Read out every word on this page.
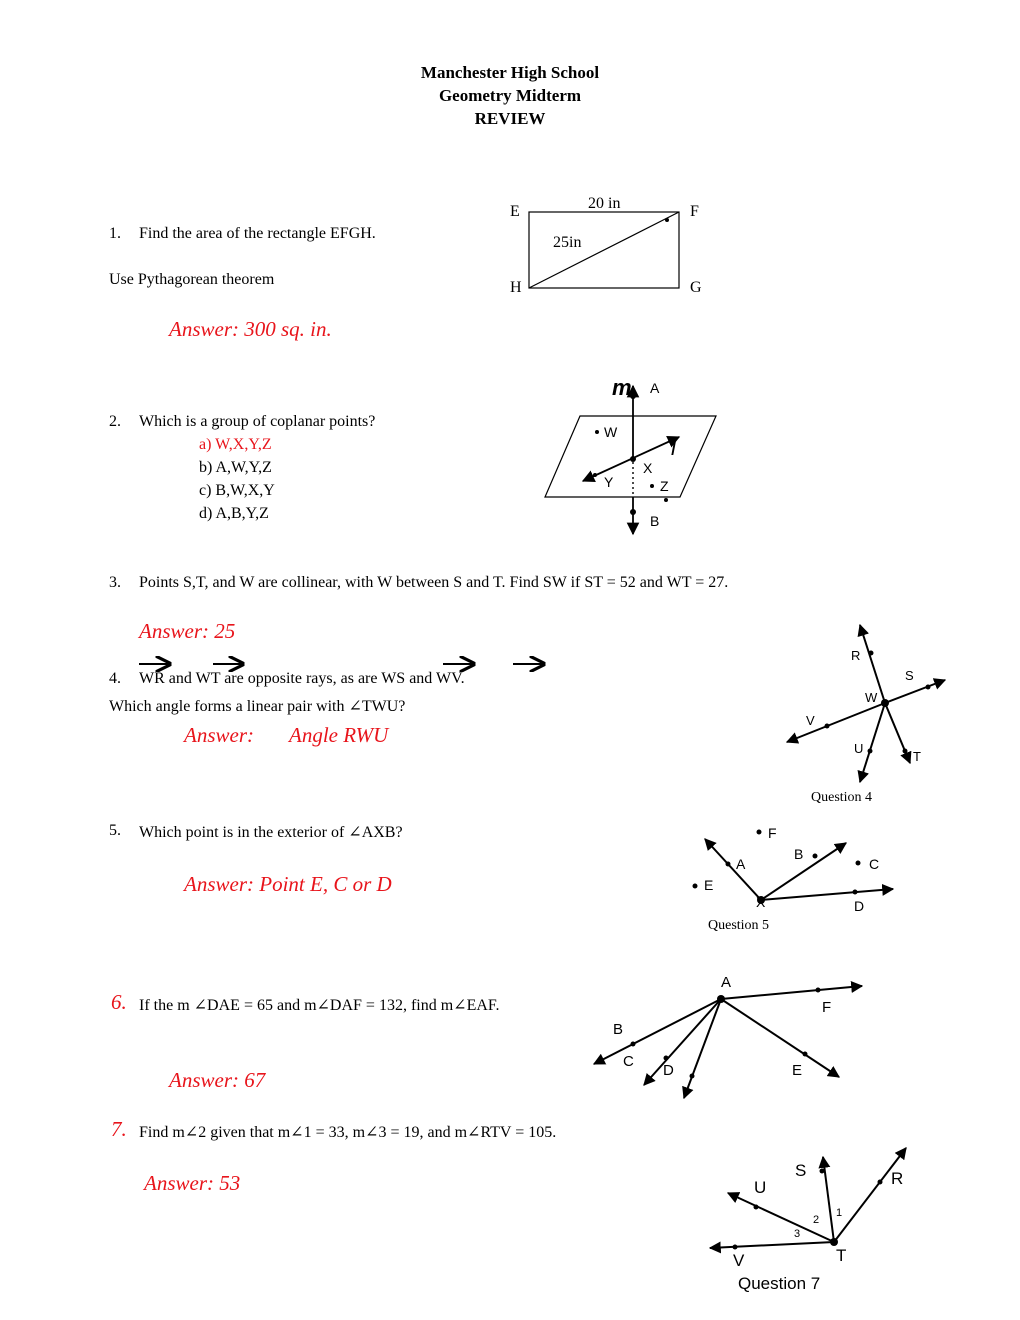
Manchester High School
Geometry Midterm
REVIEW
1. Find the area of the rectangle EFGH.
Use Pythagorean theorem
Answer: 300 sq. in.
E	F
H	G
20 in
25in
2. Which is a group of coplanar points?
a) W,X,Y,Z
b) A,W,Y,Z
c) B,W,X,Y
d) A,B,Y,Z
m A
W
l
X
Y	Z
B
3. Points S,T, and W are collinear, with W between S and T. Find SW if ST = 52 and WT = 27.
Answer: 25
4. WR and WT are opposite rays, as are WS and WV.
Which angle forms a linear pair with ∠TWU?
Answer: Angle RWU
R
S
W
V
U
T
Question 4
5. Which point is in the exterior of ∠AXB?
Answer: Point E, C or D
F
B
A	C
E
X	D
Question 5
6. If the m ∠DAE = 65 and m∠DAF = 132, find m∠EAF.
Answer: 67
A
F
B
C
D	E
7. Find m∠2 given that m∠1 = 33, m∠3 = 19, and m∠RTV = 105.
Answer: 53
S	R
U
1
2
3
V	T
Question 7
